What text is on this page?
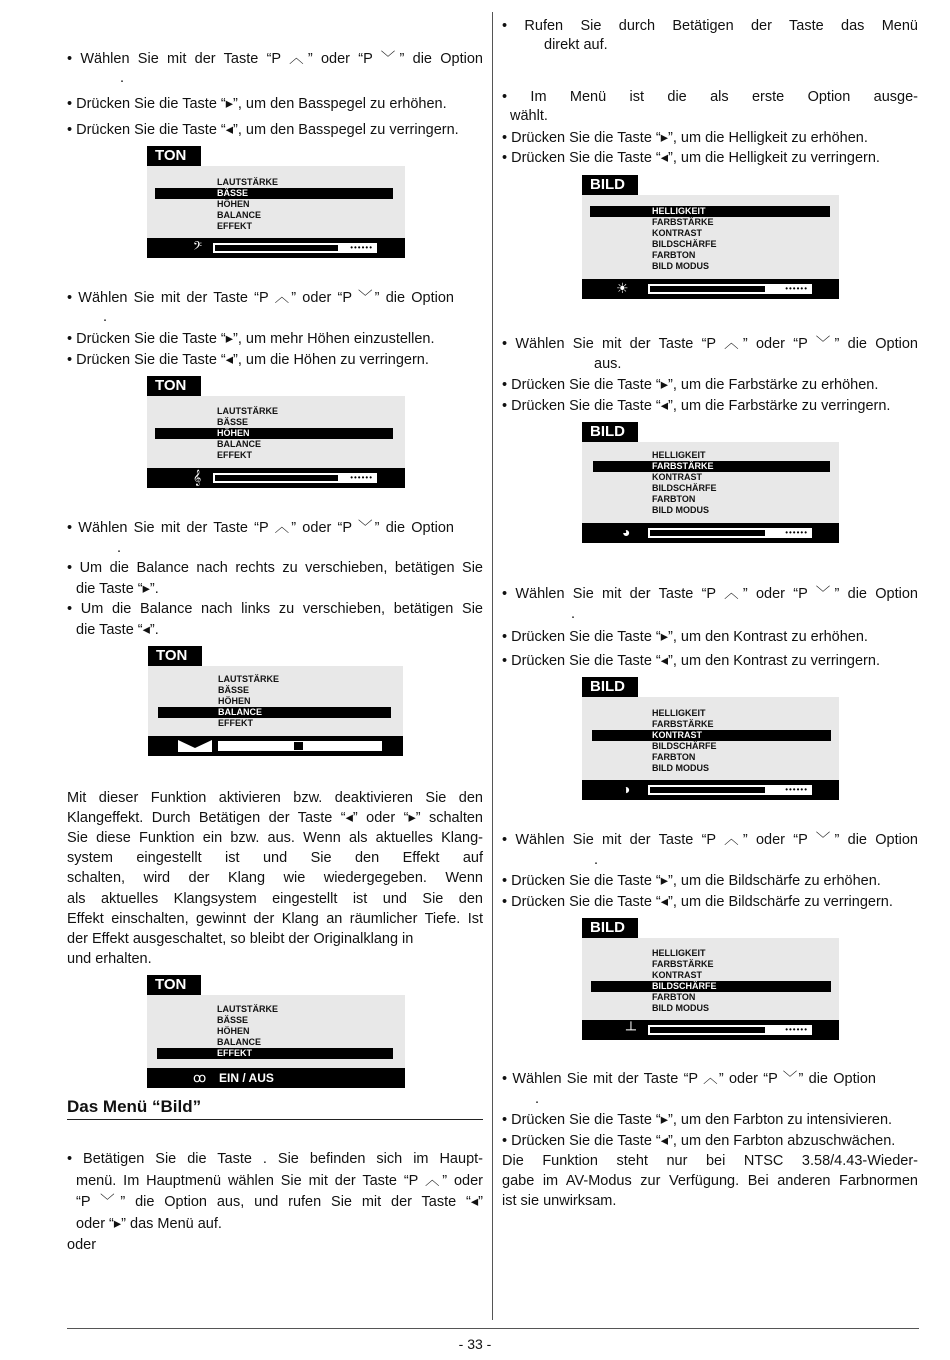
• Wählen Sie mit der Taste “P ︿” oder “P ﹀” die Option
.
• Drücken Sie die Taste “▸”, um den Basspegel zu erhöhen.
• Drücken Sie die Taste “◂”, um den Basspegel zu verringern.
TON
LAUTSTÄRKE
BÄSSE
HÖHEN
BALANCE
EFFEKT
𝄢	••••••
• Wählen Sie mit der Taste “P ︿” oder “P ﹀” die Option
.
• Drücken Sie die Taste “▸”, um mehr Höhen einzustellen.
• Drücken Sie die Taste “◂”, um die Höhen zu verringern.
TON
LAUTSTÄRKE
BÄSSE
HÖHEN
BALANCE
EFFEKT
𝄞	••••••
• Wählen Sie mit der Taste “P ︿” oder “P ﹀” die Option
.
• Um die Balance nach rechts zu verschieben, betätigen Sie
die Taste “▸”.
• Um die Balance nach links zu verschieben, betätigen Sie
die Taste “◂”.
TON
LAUTSTÄRKE
BÄSSE
HÖHEN
BALANCE
EFFEKT
•••••••••	•••••••••
Mit dieser Funktion aktivieren bzw. deaktivieren Sie den
Klangeffekt. Durch Betätigen der Taste “◂” oder “▸” schalten
Sie diese Funktion ein bzw. aus. Wenn als aktuelles Klang-
system eingestellt ist und Sie den Effekt auf
schalten, wird der Klang wie wiedergegeben. Wenn
als aktuelles Klangsystem eingestellt ist und Sie den
Effekt einschalten, gewinnt der Klang an räumlicher Tiefe. Ist
der Effekt ausgeschaltet, so bleibt der Originalklang in
und erhalten.
TON
LAUTSTÄRKE
BÄSSE
HÖHEN
BALANCE
EFFEKT
ꝏ EIN / AUS
Das Menü “Bild”
• Betätigen Sie die Taste . Sie befinden sich im Haupt-
menü. Im Hauptmenü wählen Sie mit der Taste “P ︿” oder
“P ﹀” die Option aus, und rufen Sie mit der Taste “◂”
oder “▸” das Menü auf.
oder
• Rufen Sie durch Betätigen der Taste das Menü
direkt auf.
• Im Menü ist die als erste Option ausge-
wählt.
• Drücken Sie die Taste “▸”, um die Helligkeit zu erhöhen.
• Drücken Sie die Taste “◂”, um die Helligkeit zu verringern.
BILD
HELLIGKEIT
FARBSTÄRKE
KONTRAST
BILDSCHÄRFE
FARBTON
BILD MODUS
☀	••••••
• Wählen Sie mit der Taste “P ︿” oder “P ﹀” die Option
aus.
• Drücken Sie die Taste “▸”, um die Farbstärke zu erhöhen.
• Drücken Sie die Taste “◂”, um die Farbstärke zu verringern.
BILD
HELLIGKEIT
FARBSTÄRKE
KONTRAST
BILDSCHÄRFE
FARBTON
BILD MODUS
◕	••••••
• Wählen Sie mit der Taste “P ︿” oder “P ﹀” die Option
.
• Drücken Sie die Taste “▸”, um den Kontrast zu erhöhen.
• Drücken Sie die Taste “◂”, um den Kontrast zu verringern.
BILD
HELLIGKEIT
FARBSTÄRKE
KONTRAST
BILDSCHÄRFE
FARBTON
BILD MODUS
◑	••••••
• Wählen Sie mit der Taste “P ︿” oder “P ﹀” die Option
.
• Drücken Sie die Taste “▸”, um die Bildschärfe zu erhöhen.
• Drücken Sie die Taste “◂”, um die Bildschärfe zu verringern.
BILD
HELLIGKEIT
FARBSTÄRKE
KONTRAST
BILDSCHÄRFE
FARBTON
BILD MODUS
┴	••••••
• Wählen Sie mit der Taste “P ︿” oder “P ﹀” die Option
.
• Drücken Sie die Taste “▸”, um den Farbton zu intensivieren.
• Drücken Sie die Taste “◂”, um den Farbton abzuschwächen.
Die Funktion steht nur bei NTSC 3.58/4.43-Wieder-
gabe im AV-Modus zur Verfügung. Bei anderen Farbnormen
ist sie unwirksam.
- 33 -
